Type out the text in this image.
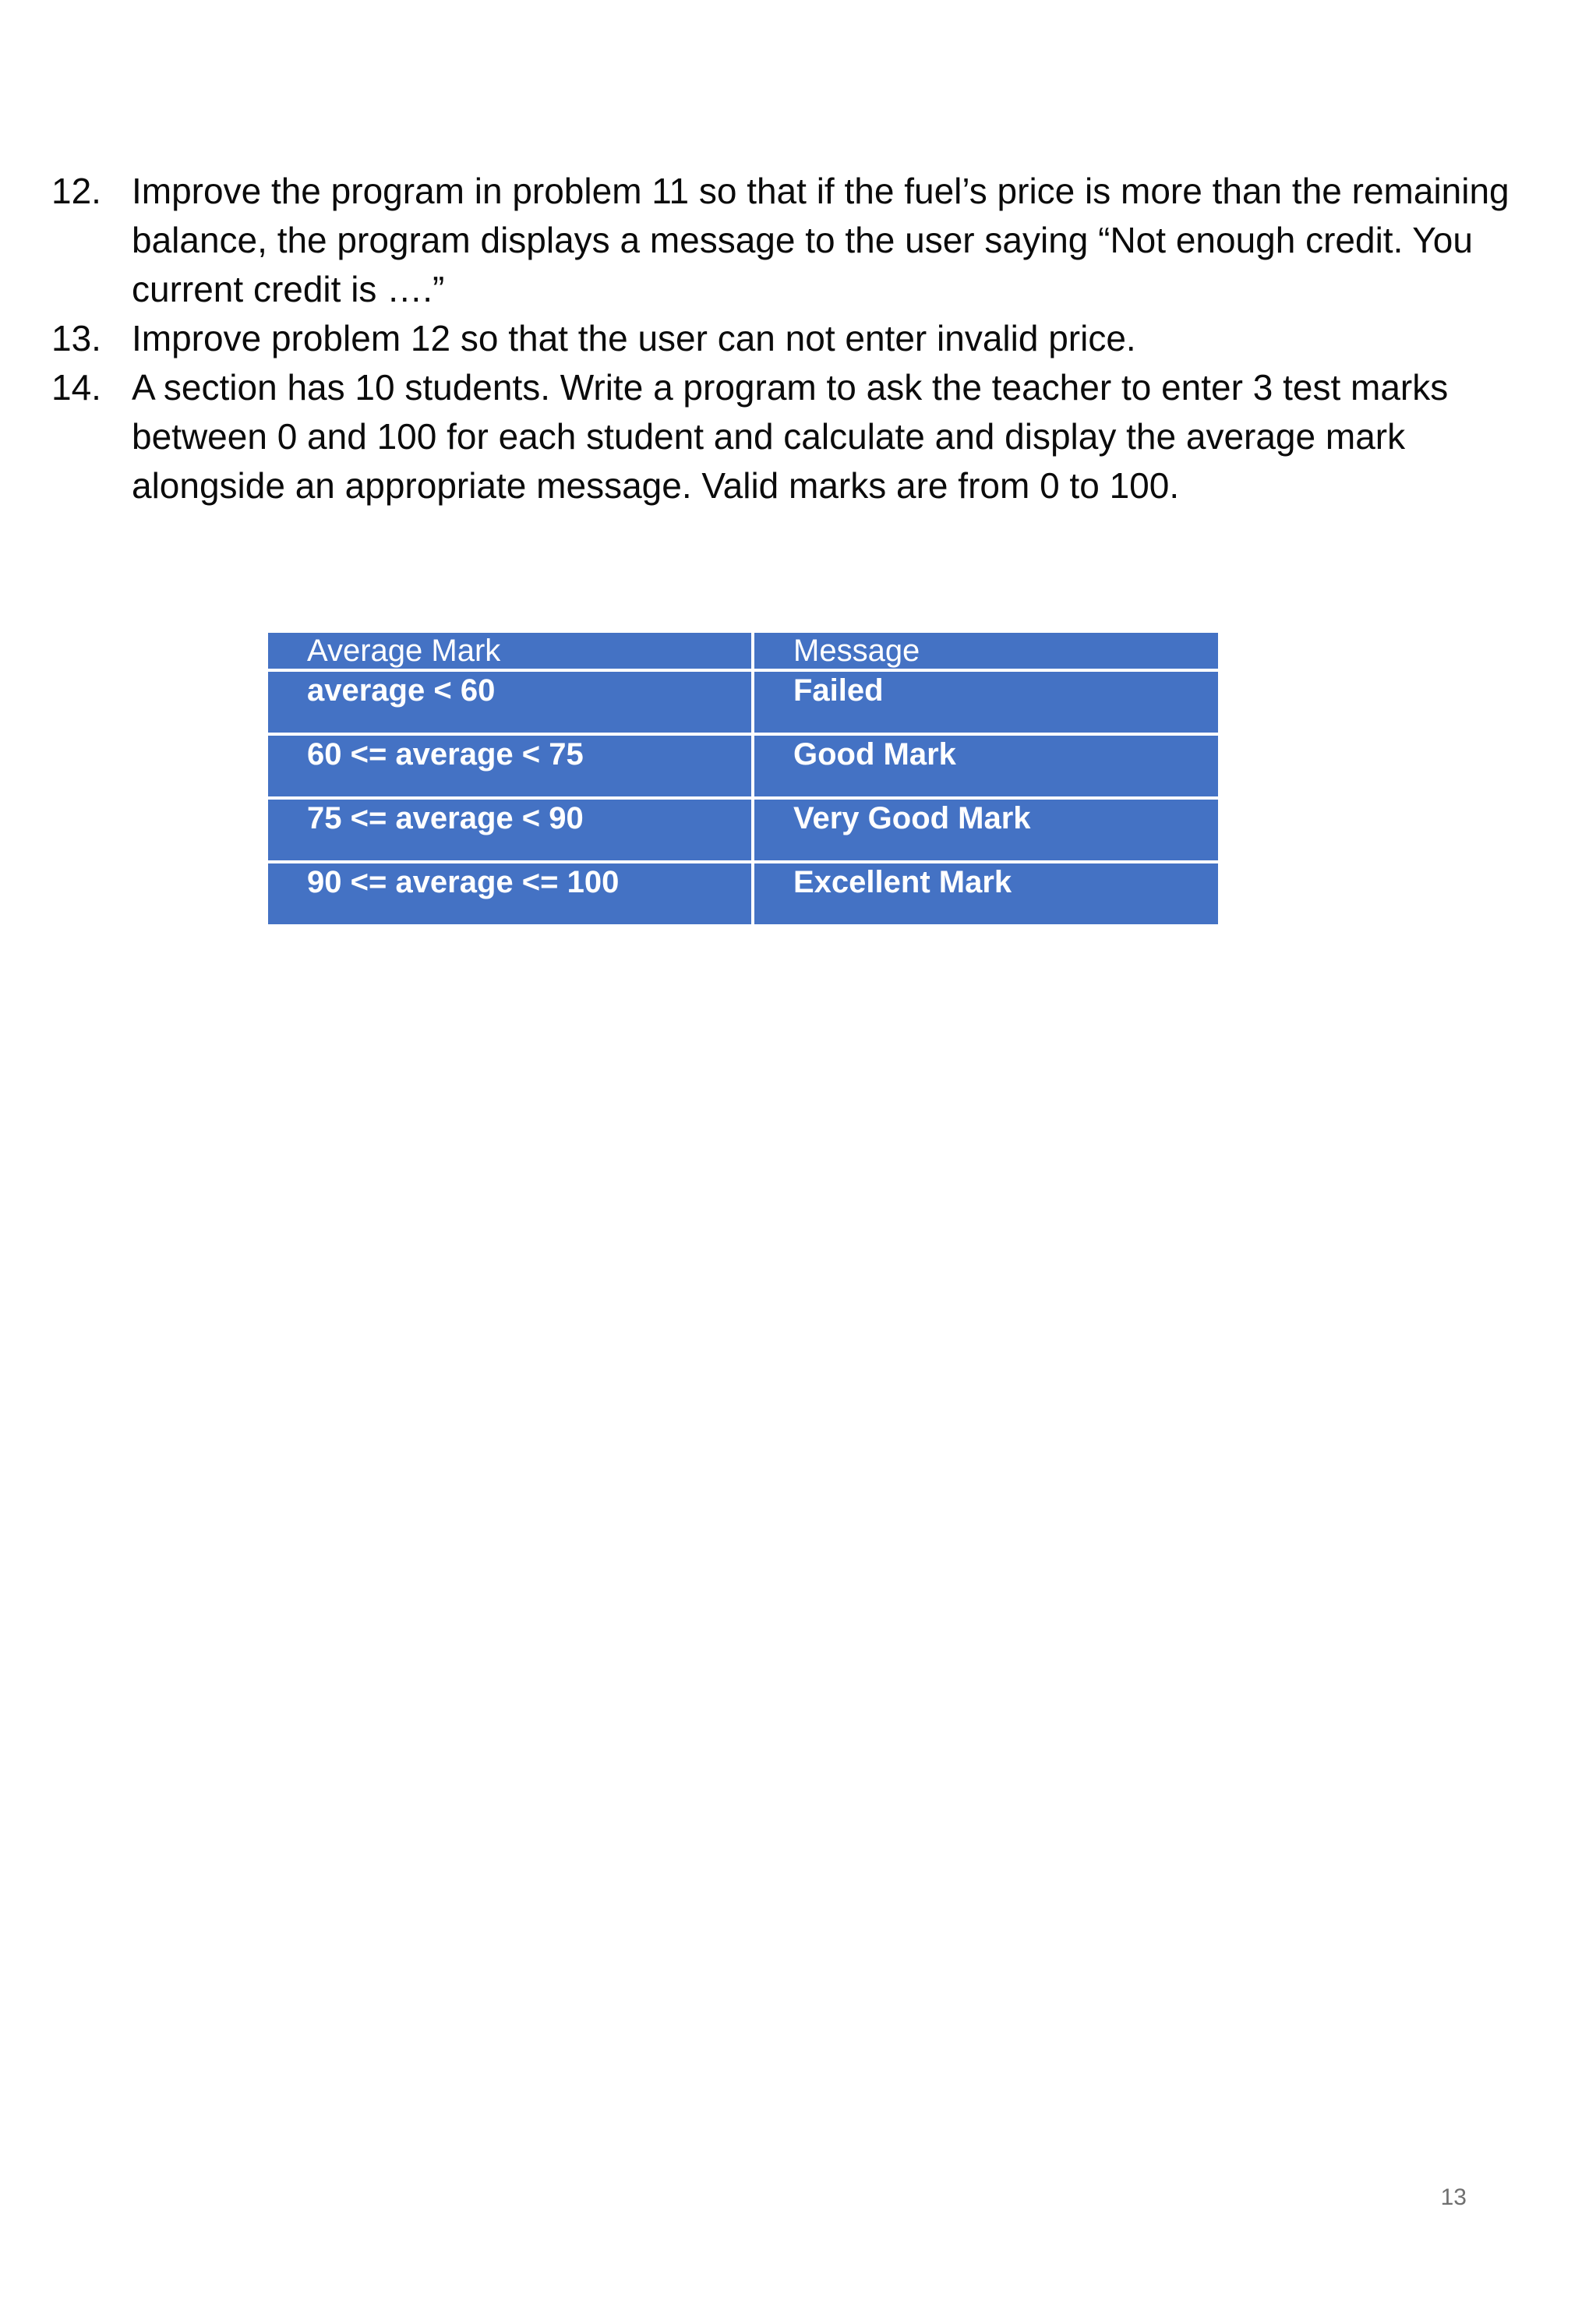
12. Improve the program in problem 11 so that if the fuel’s price is more than the remaining balance, the program displays a message to the user saying “Not enough credit. You current credit is ….”
13. Improve problem 12 so that the user can not enter invalid price.
14. A section has 10 students. Write a program to ask the teacher to enter 3 test marks between 0 and 100 for each student and calculate and display the average mark alongside an appropriate message. Valid marks are from 0 to 100.
Average Mark	Message
average < 60	Failed
60 <= average < 75	Good Mark
75 <= average < 90	Very Good Mark
90 <= average <= 100	Excellent Mark
13
